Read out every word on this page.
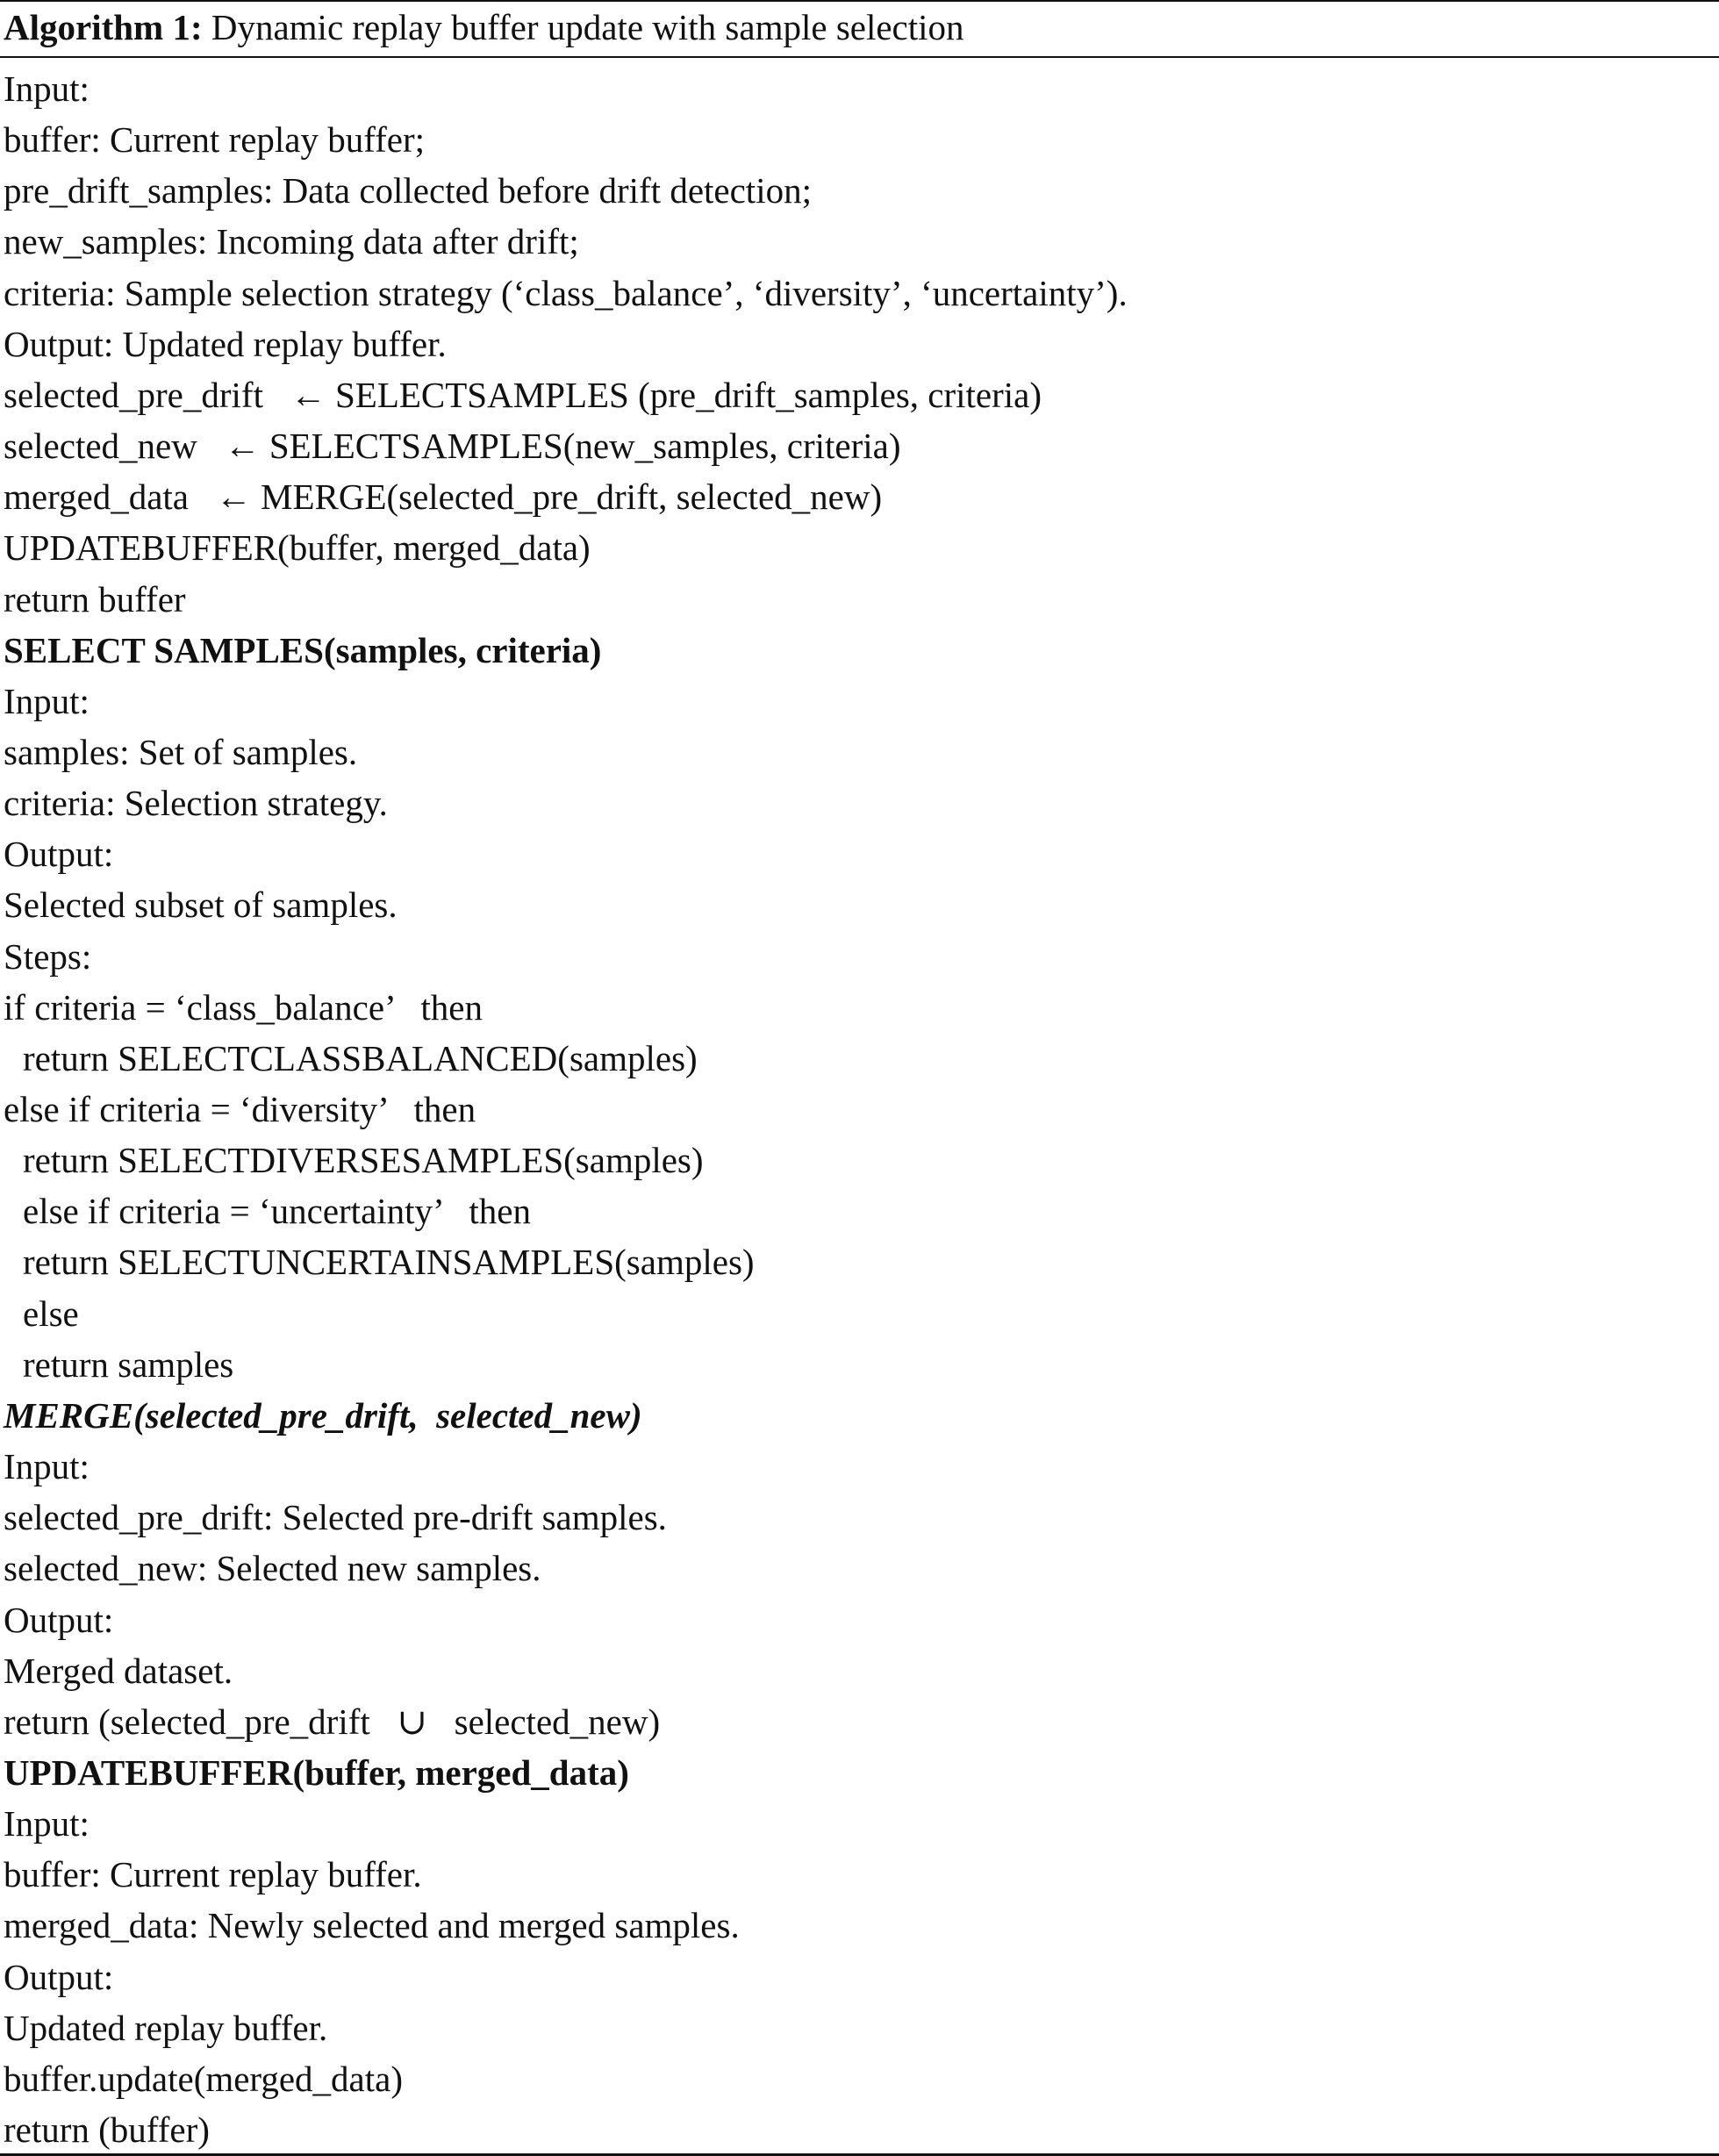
Algorithm 1: Dynamic replay buffer update with sample selection
Input:
buffer: Current replay buffer;
pre_drift_samples: Data collected before drift detection;
new_samples: Incoming data after drift;
criteria: Sample selection strategy (‘class_balance’, ‘diversity’, ‘uncertainty’).
Output: Updated replay buffer.
selected_pre_drift   ← SELECTSAMPLES (pre_drift_samples, criteria)
selected_new   ← SELECTSAMPLES(new_samples, criteria)
merged_data   ← MERGE(selected_pre_drift, selected_new)
UPDATEBUFFER(buffer, merged_data)
return buffer
SELECT SAMPLES(samples, criteria)
Input:
samples: Set of samples.
criteria: Selection strategy.
Output:
Selected subset of samples.
Steps:
if criteria = ‘class_balance’   then
return SELECTCLASSBALANCED(samples)
else if criteria = ‘diversity’   then
return SELECTDIVERSESAMPLES(samples)
else if criteria = ‘uncertainty’   then
return SELECTUNCERTAINSAMPLES(samples)
else
return samples
MERGE(selected_pre_drift,  selected_new)
Input:
selected_pre_drift: Selected pre-drift samples.
selected_new: Selected new samples.
Output:
Merged dataset.
return (selected_pre_drift   ∪   selected_new)
UPDATEBUFFER(buffer, merged_data)
Input:
buffer: Current replay buffer.
merged_data: Newly selected and merged samples.
Output:
Updated replay buffer.
buffer.update(merged_data)
return (buffer)
